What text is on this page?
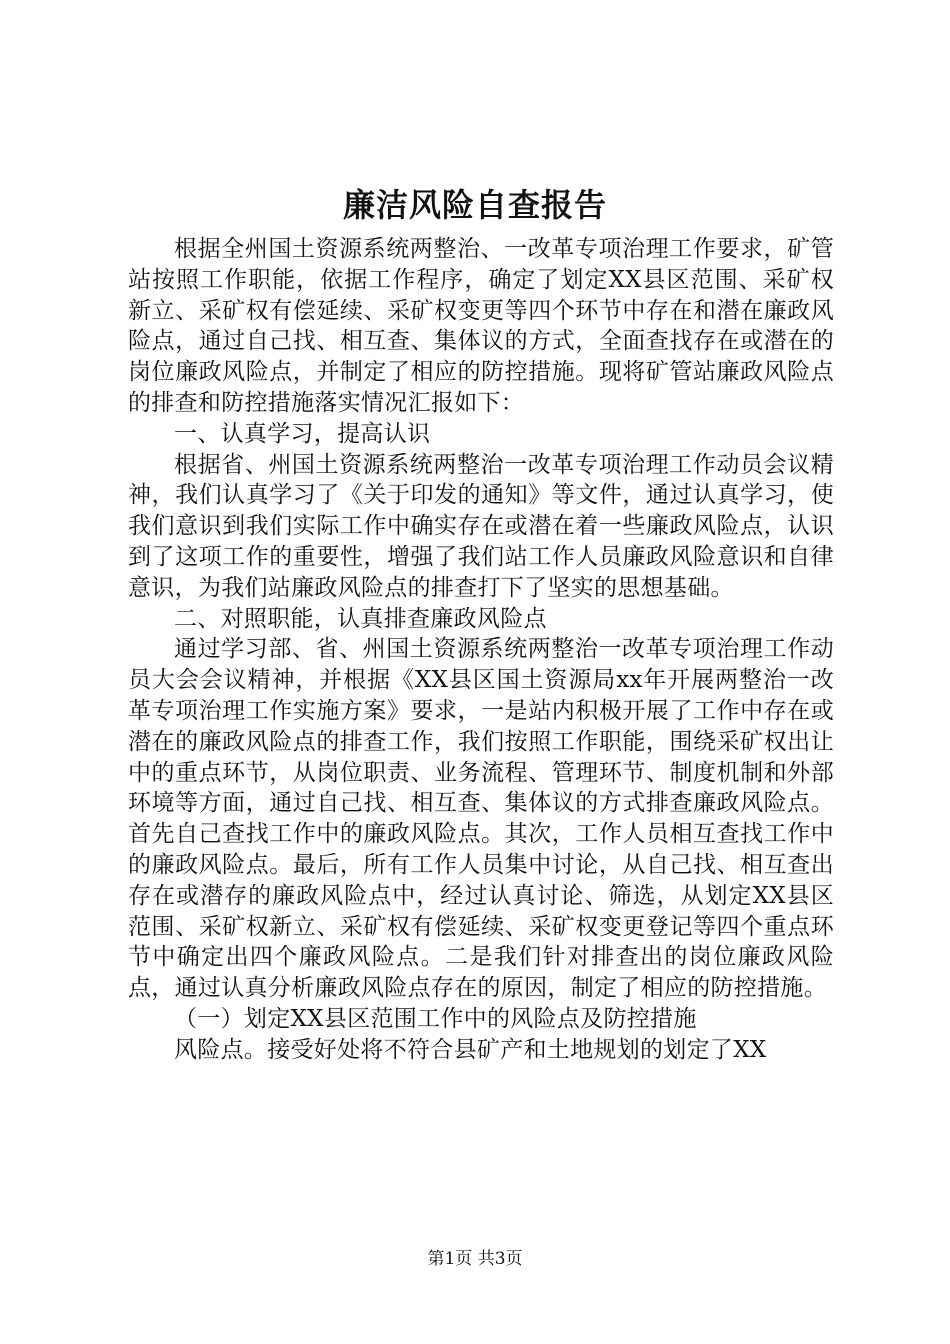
廉洁风险自查报告

根据全州国土资源系统两整治、一改革专项治理工作要求，矿管站按照工作职能，依据工作程序，确定了划定XX县区范围、采矿权新立、采矿权有偿延续、采矿权变更等四个环节中存在和潜在廉政风险点，通过自己找、相互查、集体议的方式，全面查找存在或潜在的岗位廉政风险点，并制定了相应的防控措施。现将矿管站廉政风险点的排查和防控措施落实情况汇报如下：

一、认真学习，提高认识

根据省、州国土资源系统两整治一改革专项治理工作动员会议精神，我们认真学习了《关于印发的通知》等文件，通过认真学习，使我们意识到我们实际工作中确实存在或潜在着一些廉政风险点，认识到了这项工作的重要性，增强了我们站工作人员廉政风险意识和自律意识，为我们站廉政风险点的排查打下了坚实的思想基础。

二、对照职能，认真排查廉政风险点

通过学习部、省、州国土资源系统两整治一改革专项治理工作动员大会会议精神，并根据《XX县区国土资源局xx年开展两整治一改革专项治理工作实施方案》要求，一是站内积极开展了工作中存在或潜在的廉政风险点的排查工作，我们按照工作职能，围绕采矿权出让中的重点环节，从岗位职责、业务流程、管理环节、制度机制和外部环境等方面，通过自己找、相互查、集体议的方式排查廉政风险点。首先自己查找工作中的廉政风险点。其次，工作人员相互查找工作中的廉政风险点。最后，所有工作人员集中讨论，从自己找、相互查出存在或潜存的廉政风险点中，经过认真讨论、筛选，从划定XX县区范围、采矿权新立、采矿权有偿延续、采矿权变更登记等四个重点环节中确定出四个廉政风险点。二是我们针对排查出的岗位廉政风险点，通过认真分析廉政风险点存在的原因，制定了相应的防控措施。

（一）划定XX县区范围工作中的风险点及防控措施

风险点。接受好处将不符合县矿产和土地规划的划定了XX

第1页 共3页
